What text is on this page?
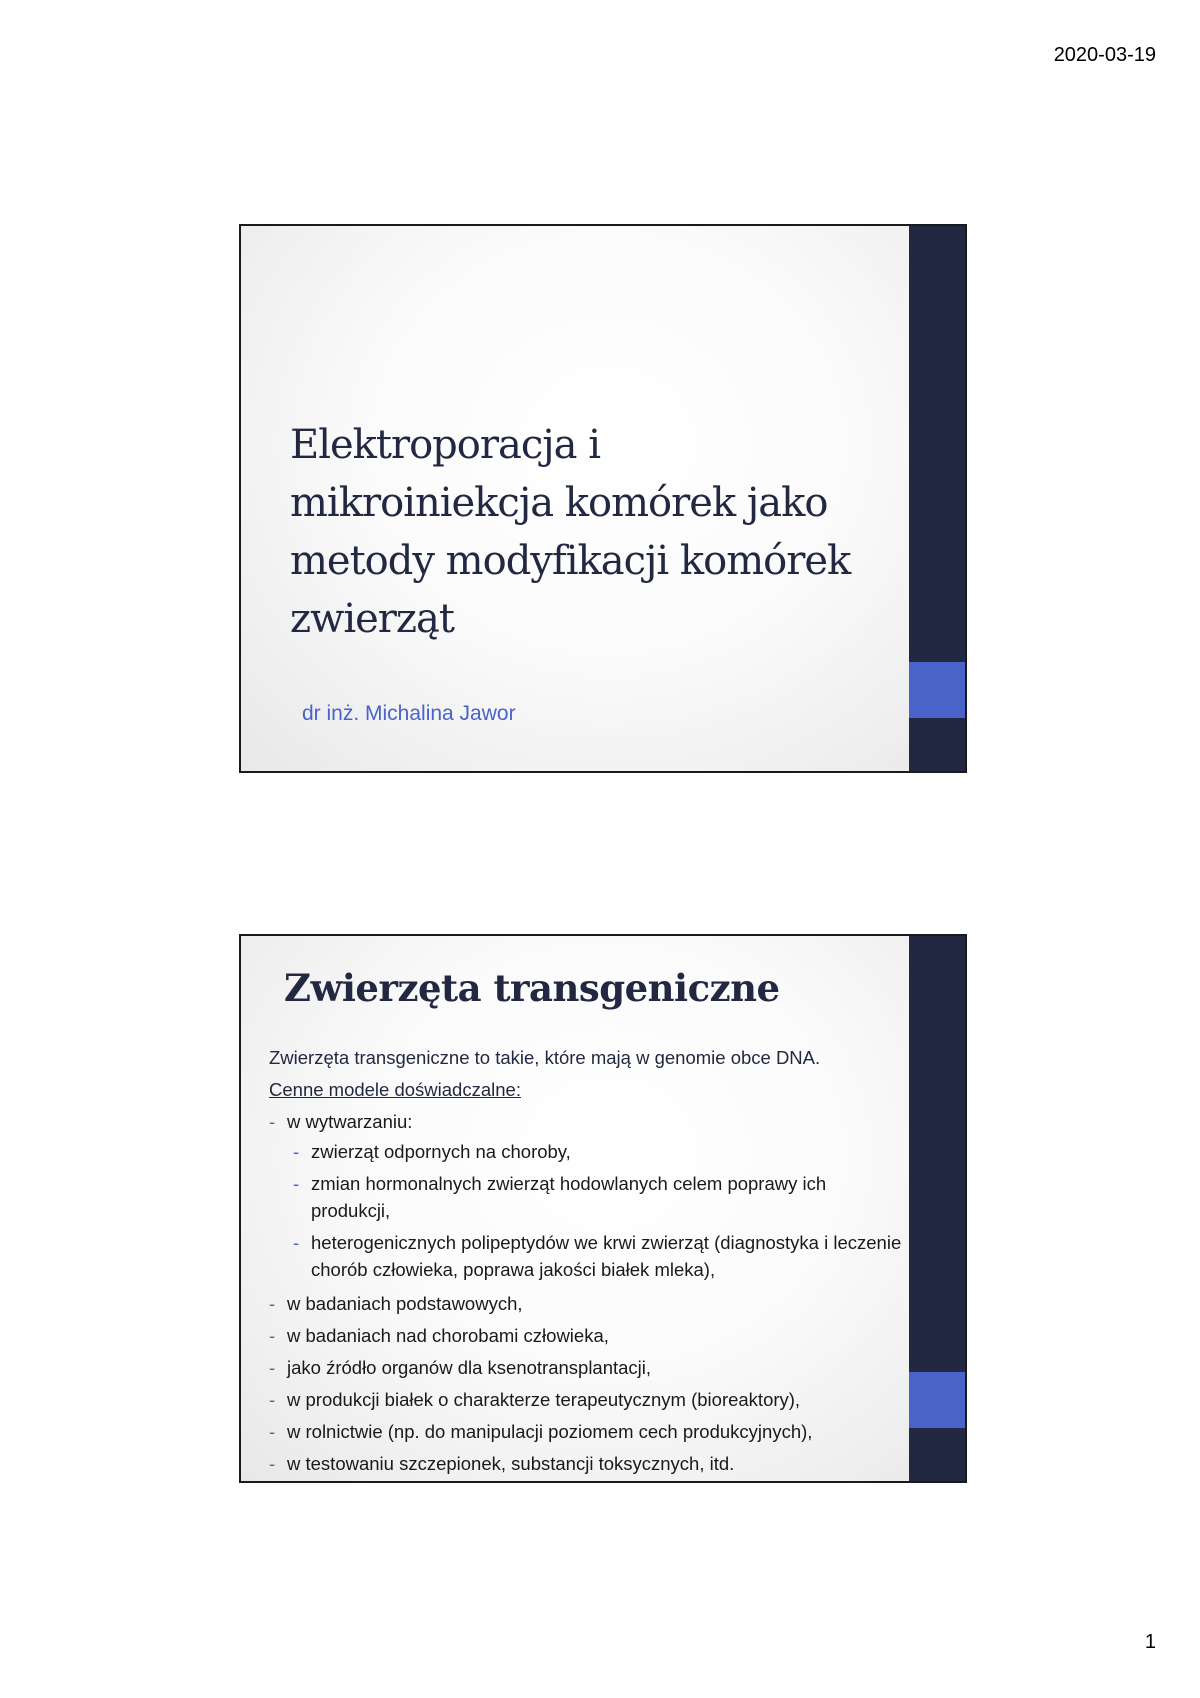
2020-03-19
Elektroporacja i mikroiniekcja komórek jako metody modyfikacji komórek zwierząt

dr inż. Michalina Jawor

Zwierzęta transgeniczne

Zwierzęta transgeniczne to takie, które mają w genomie obce DNA.

Cenne modele doświadczalne:

- w wytwarzaniu:
- zwierząt odpornych na choroby,
- zmian hormonalnych zwierząt hodowlanych celem poprawy ich produkcji,
- heterogenicznych polipeptydów we krwi zwierząt (diagnostyka i leczenie chorób człowieka, poprawa jakości białek mleka),
- w badaniach podstawowych,
- w badaniach nad chorobami człowieka,
- jako źródło organów dla ksenotransplantacji,
- w produkcji białek o charakterze terapeutycznym (bioreaktory),
- w rolnictwie (np. do manipulacji poziomem cech produkcyjnych),
- w testowaniu szczepionek, substancji toksycznych, itd.
1
